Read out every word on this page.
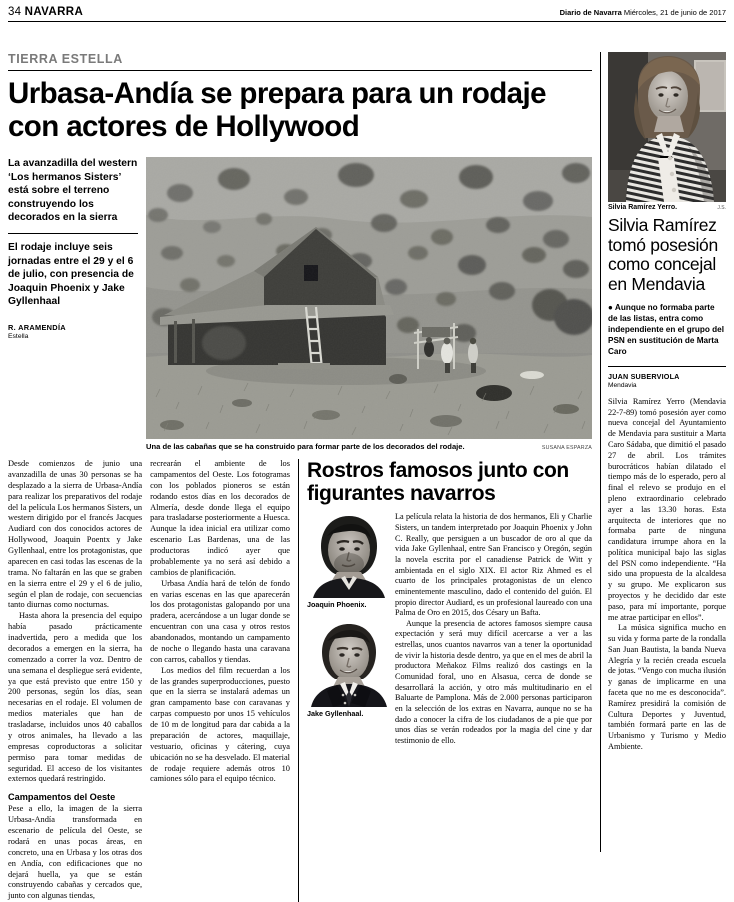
34 NAVARRA	Diario de Navarra Miércoles, 21 de junio de 2017
TIERRA ESTELLA
Urbasa-Andía se prepara para un rodaje con actores de Hollywood
La avanzadilla del western ‘Los hermanos Sisters’ está sobre el terreno construyendo los decorados en la sierra
El rodaje incluye seis jornadas entre el 29 y el 6 de julio, con presencia de Joaquin Phoenix y Jake Gyllenhaal
R. ARAMENDÍA
Estella
Una de las cabañas que se ha construido para formar parte de los decorados del rodaje.	SUSANA ESPARZA

Desde comienzos de junio una avanzadilla de unas 30 personas se ha desplazado a la sierra de Urbasa-Andía para realizar los preparativos del rodaje del la película Los hermanos Sisters, un western dirigido por el francés Jacques Audiard con dos conocidos actores de Hollywood, Joaquin Poentx y Jake Gyllenhaal, entre los protagonistas, que aparecen en casi todas las escenas de la trama. No faltarán en las que se graben en la sierra entre el 29 y el 6 de julio, según el plan de rodaje, con secuencias tanto diurnas como nocturnas.

Hasta ahora la presencia del equipo había pasado prácticamente inadvertida, pero a medida que los decorados a emergen en la sierra, ha comenzado a correr la voz. Dentro de una semana el despliegue será evidente, ya que está previsto que entre 150 y 200 personas, según los días, sean necesarias en el rodaje. El volumen de medios materiales que han de trasladarse, incluidos unos 40 caballos y otros animales, ha llevado a las empresas coproductoras a solicitar permiso para tomar medidas de seguridad. El acceso de los visitantes externos quedará restringido.

Campamentos del Oeste

Pese a ello, la imagen de la sierra Urbasa-Andía transformada en escenario de película del Oeste, se rodará en unas pocas áreas, en concreto, una en Urbasa y los otras dos en Andía, con edificaciones que no dejará huella, ya que se están construyendo cabañas y cercados que, junto con algunas tiendas,

recrearán el ambiente de los campamentos del Oeste. Los fotogramas con los poblados pioneros se están rodando estos días en los decorados de Almería, desde donde llega el equipo para trasladarse posteriormente a Huesca. Aunque la idea inicial era utilizar como escenario Las Bardenas, una de las productoras indicó ayer que probablemente ya no será así debido a cambios de planificación.

Urbasa Andía hará de telón de fondo en varias escenas en las que aparecerán los dos protagonistas galopando por una pradera, acercándose a un lugar donde se encuentran con una casa y otros restos abandonados, montando un campamento de noche o llegando hasta una caravana con carros, caballos y tiendas.

Los medios del film recuerdan a los de las grandes superproducciones, puesto que en la sierra se instalará ademas un gran campamento base con caravanas y carpas compuesto por unos 15 vehículos de 10 m de longitud para dar cabida a la preparación de actores, maquillaje, vestuario, oficinas y cátering, cuya ubicación no se ha desvelado. El material de rodaje requiere además otros 10 camiones sólo para el equipo técnico.

Rostros famosos junto con figurantes navarros
Joaquin Phoenix.
Jake Gyllenhaal.

La película relata la historia de dos hermanos, Eli y Charlie Sisters, un tandem interpretado por Joaquin Phoenix y John C. Really, que persiguen a un buscador de oro al que da vida Jake Gyllenhaal, entre San Francisco y Oregón, según la novela escrita por el canadiense Patrick de Witt y ambientada en el siglo XIX. El actor Riz Ahmed es el cuarto de los principales protagonistas de un elenco eminentemente masculino, dado el contenido del guión. El propio director Audiard, es un profesional laureado con una Palma de Oro en 2015, dos Césary un Bafta.

Aunque la presencia de actores famosos siempre causa expectación y será muy difícil acercarse a ver a las estrellas, unos cuantos navarros van a tener la oportunidad de vivir la historia desde dentro, ya que en el mes de abril la productora Meñakoz Films realizó dos castings en la Comunidad foral, uno en Alsasua, cerca de donde se desarrollará la acción, y otro más multitudinario en el Baluarte de Pamplona. Más de 2.000 personas participaron en la selección de los extras en Navarra, aunque no se ha dado a conocer la cifra de los ciudadanos de a pie que por unos días se verán rodeados por la magia del cine y dar testimonio de ello.

Silvia Ramírez Yerro.	J.S.
Silvia Ramírez tomó posesión como concejal en Mendavia
● Aunque no formaba parte de las listas, entra como independiente en el grupo del PSN en sustitución de Marta Caro
JUAN SUBERVIOLA
Mendavia

Silvia Ramírez Yerro (Mendavia 22-7-89) tomó posesión ayer como nueva concejal del Ayuntamiento de Mendavia para sustituir a Marta Caro Sádaba, que dimitió el pasado 27 de abril. Los trámites burocráticos habían dilatado el tiempo más de lo esperado, pero al final el relevo se produjo en el pleno extraordinario celebrado ayer a las 13.30 horas. Esta arquitecta de interiores que no formaba parte de ninguna candidatura irrumpe ahora en la política municipal bajo las siglas del PSN como independiente. “Ha sido una propuesta de la alcaldesa y su grupo. Me explicaron sus proyectos y he decidido dar este paso, para mí importante, porque me atrae participar en ellos”.

La música significa mucho en su vida y forma parte de la rondalla San Juan Bautista, la banda Nueva Alegría y la recién creada escuela de jotas. “Vengo con mucha ilusión y ganas de implicarme en una faceta que no me es desconocida”. Ramírez presidirá la comisión de Cultura Deportes y Juventud, también formará parte en las de Urbanismo y Turismo y Medio Ambiente.
